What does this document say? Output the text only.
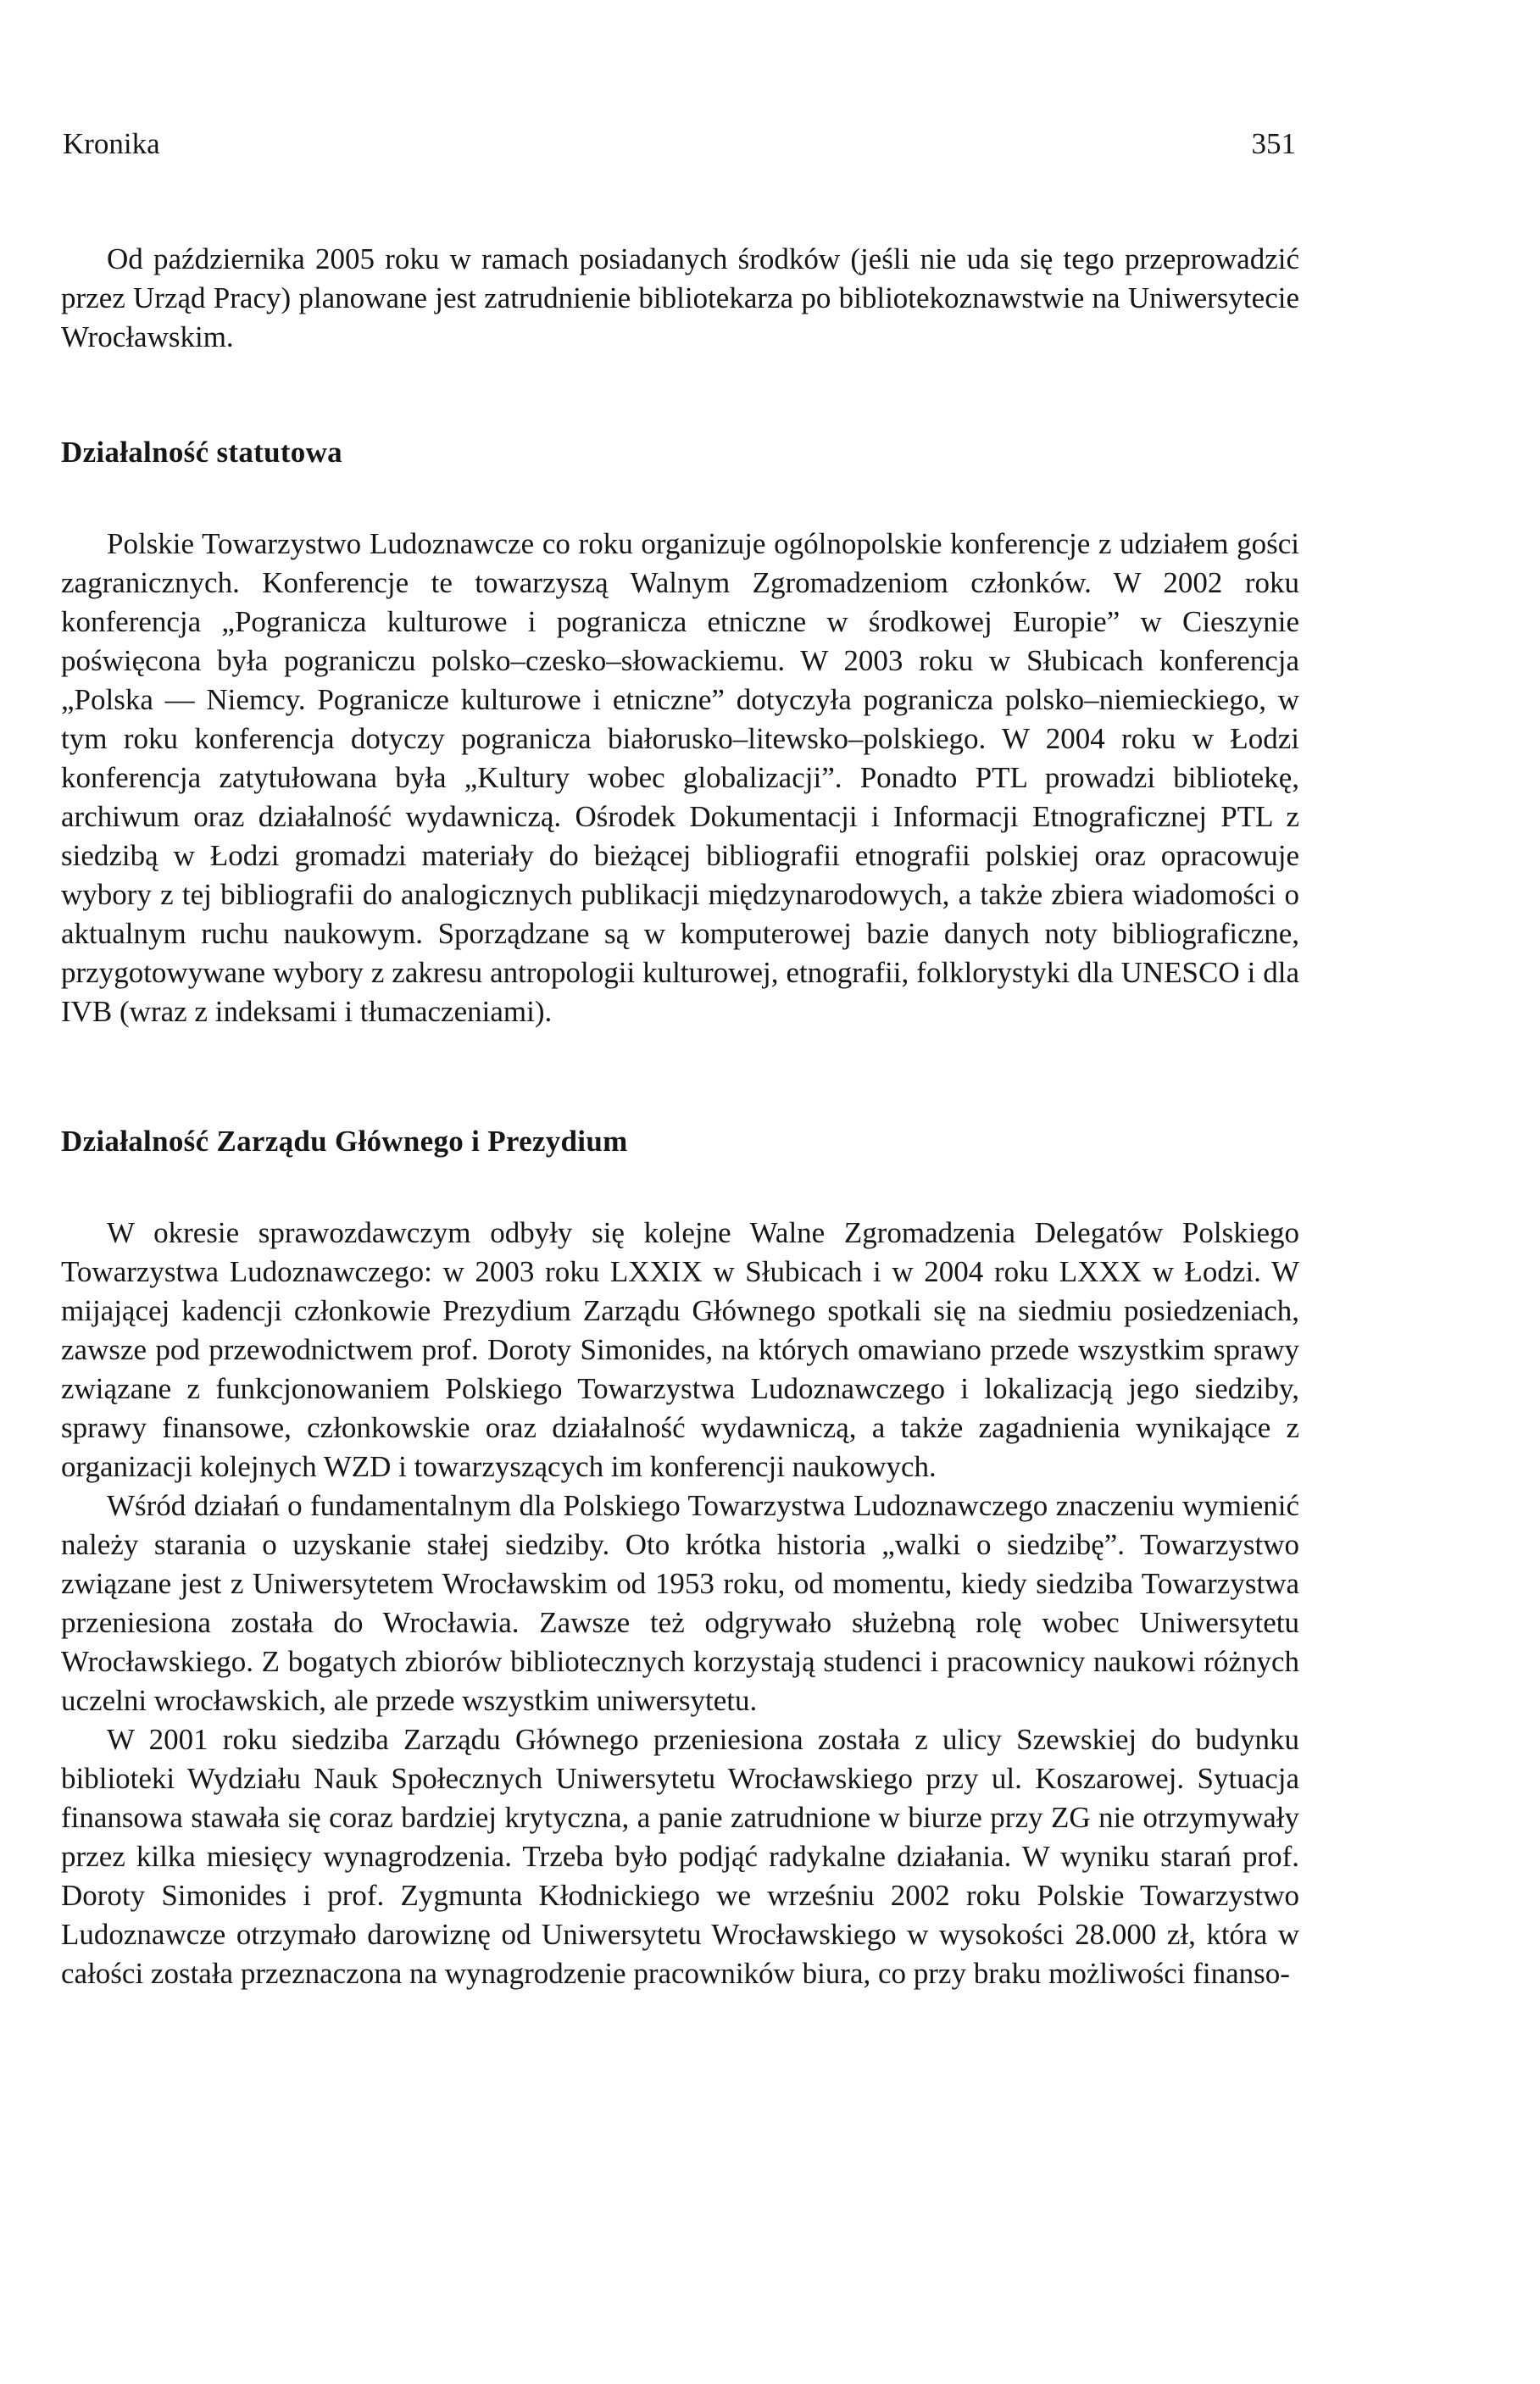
Kronika	351

Od października 2005 roku w ramach posiadanych środków (jeśli nie uda się tego przeprowadzić przez Urząd Pracy) planowane jest zatrudnienie bibliotekarza po bibliotekoznawstwie na Uniwersytecie Wrocławskim.

Działalność statutowa

Polskie Towarzystwo Ludoznawcze co roku organizuje ogólnopolskie konferencje z udziałem gości zagranicznych. Konferencje te towarzyszą Walnym Zgromadzeniom członków. W 2002 roku konferencja „Pogranicza kulturowe i pogranicza etniczne w środkowej Europie” w Cieszynie poświęcona była pograniczu polsko–czesko–słowackiemu. W 2003 roku w Słubicach konferencja „Polska — Niemcy. Pogranicze kulturowe i etniczne” dotyczyła pogranicza polsko–niemieckiego, w tym roku konferencja dotyczy pogranicza białorusko–litewsko–polskiego. W 2004 roku w Łodzi konferencja zatytułowana była „Kultury wobec globalizacji”. Ponadto PTL prowadzi bibliotekę, archiwum oraz działalność wydawniczą. Ośrodek Dokumentacji i Informacji Etnograficznej PTL z siedzibą w Łodzi gromadzi materiały do bieżącej bibliografii etnografii polskiej oraz opracowuje wybory z tej bibliografii do analogicznych publikacji międzynarodowych, a także zbiera wiadomości o aktualnym ruchu naukowym. Sporządzane są w komputerowej bazie danych noty bibliograficzne, przygotowywane wybory z zakresu antropologii kulturowej, etnografii, folklorystyki dla UNESCO i dla IVB (wraz z indeksami i tłumaczeniami).

Działalność Zarządu Głównego i Prezydium

W okresie sprawozdawczym odbyły się kolejne Walne Zgromadzenia Delegatów Polskiego Towarzystwa Ludoznawczego: w 2003 roku LXXIX w Słubicach i w 2004 roku LXXX w Łodzi. W mijającej kadencji członkowie Prezydium Zarządu Głównego spotkali się na siedmiu posiedzeniach, zawsze pod przewodnictwem prof. Doroty Simonides, na których omawiano przede wszystkim sprawy związane z funkcjonowaniem Polskiego Towarzystwa Ludoznawczego i lokalizacją jego siedziby, sprawy finansowe, członkowskie oraz działalność wydawniczą, a także zagadnienia wynikające z organizacji kolejnych WZD i towarzyszących im konferencji naukowych.

Wśród działań o fundamentalnym dla Polskiego Towarzystwa Ludoznawczego znaczeniu wymienić należy starania o uzyskanie stałej siedziby. Oto krótka historia „walki o siedzibę”. Towarzystwo związane jest z Uniwersytetem Wrocławskim od 1953 roku, od momentu, kiedy siedziba Towarzystwa przeniesiona została do Wrocławia. Zawsze też odgrywało służebną rolę wobec Uniwersytetu Wrocławskiego. Z bogatych zbiorów bibliotecznych korzystają studenci i pracownicy naukowi różnych uczelni wrocławskich, ale przede wszystkim uniwersytetu.

W 2001 roku siedziba Zarządu Głównego przeniesiona została z ulicy Szewskiej do budynku biblioteki Wydziału Nauk Społecznych Uniwersytetu Wrocławskiego przy ul. Koszarowej. Sytuacja finansowa stawała się coraz bardziej krytyczna, a panie zatrudnione w biurze przy ZG nie otrzymywały przez kilka miesięcy wynagrodzenia. Trzeba było podjąć radykalne działania. W wyniku starań prof. Doroty Simonides i prof. Zygmunta Kłodnickiego we wrześniu 2002 roku Polskie Towarzystwo Ludoznawcze otrzymało darowiznę od Uniwersytetu Wrocławskiego w wysokości 28.000 zł, która w całości została przeznaczona na wynagrodzenie pracowników biura, co przy braku możliwości finanso-
